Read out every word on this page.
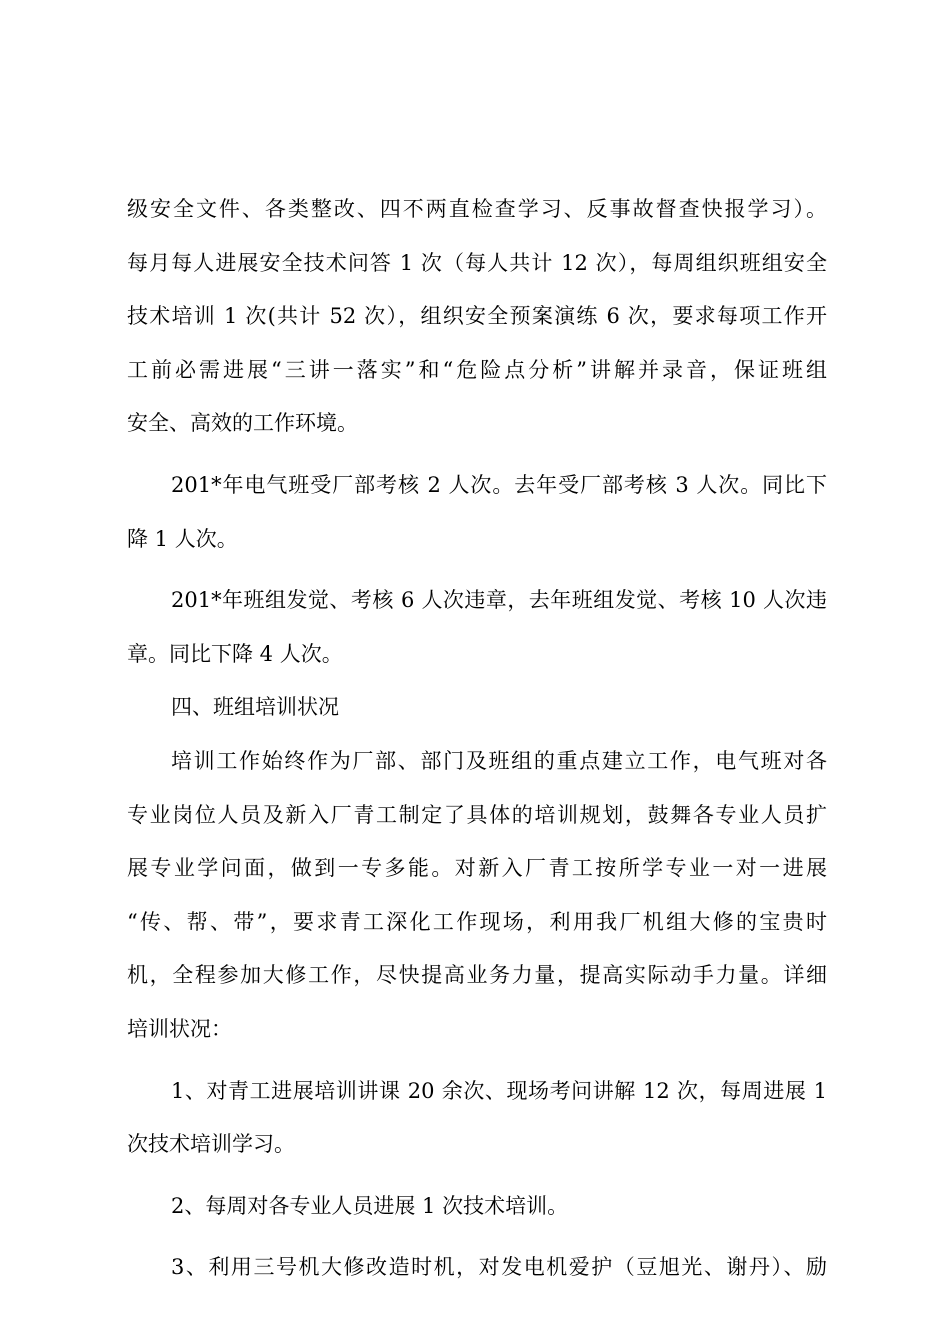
级安全文件、各类整改、四不两直检查学习、反事故督查快报学习）。
每月每人进展安全技术问答 1 次（每人共计 12 次），每周组织班组安全
技术培训 1 次(共计 52 次），组织安全预案演练 6 次，要求每项工作开
工前必需进展“三讲一落实”和“危险点分析”讲解并录音，保证班组
安全、高效的工作环境。
201*年电气班受厂部考核 2 人次。去年受厂部考核 3 人次。同比下
降 1 人次。
201*年班组发觉、考核 6 人次违章，去年班组发觉、考核 10 人次违
章。同比下降 4 人次。
四、班组培训状况
培训工作始终作为厂部、部门及班组的重点建立工作，电气班对各
专业岗位人员及新入厂青工制定了具体的培训规划，鼓舞各专业人员扩
展专业学问面，做到一专多能。对新入厂青工按所学专业一对一进展
“传、帮、带”，要求青工深化工作现场，利用我厂机组大修的宝贵时
机，全程参加大修工作，尽快提高业务力量，提高实际动手力量。详细
培训状况：
1、对青工进展培训讲课 20 余次、现场考问讲解 12 次，每周进展 1
次技术培训学习。
2、每周对各专业人员进展 1 次技术培训。
3、利用三号机大修改造时机，对发电机爱护（豆旭光、谢丹）、励
